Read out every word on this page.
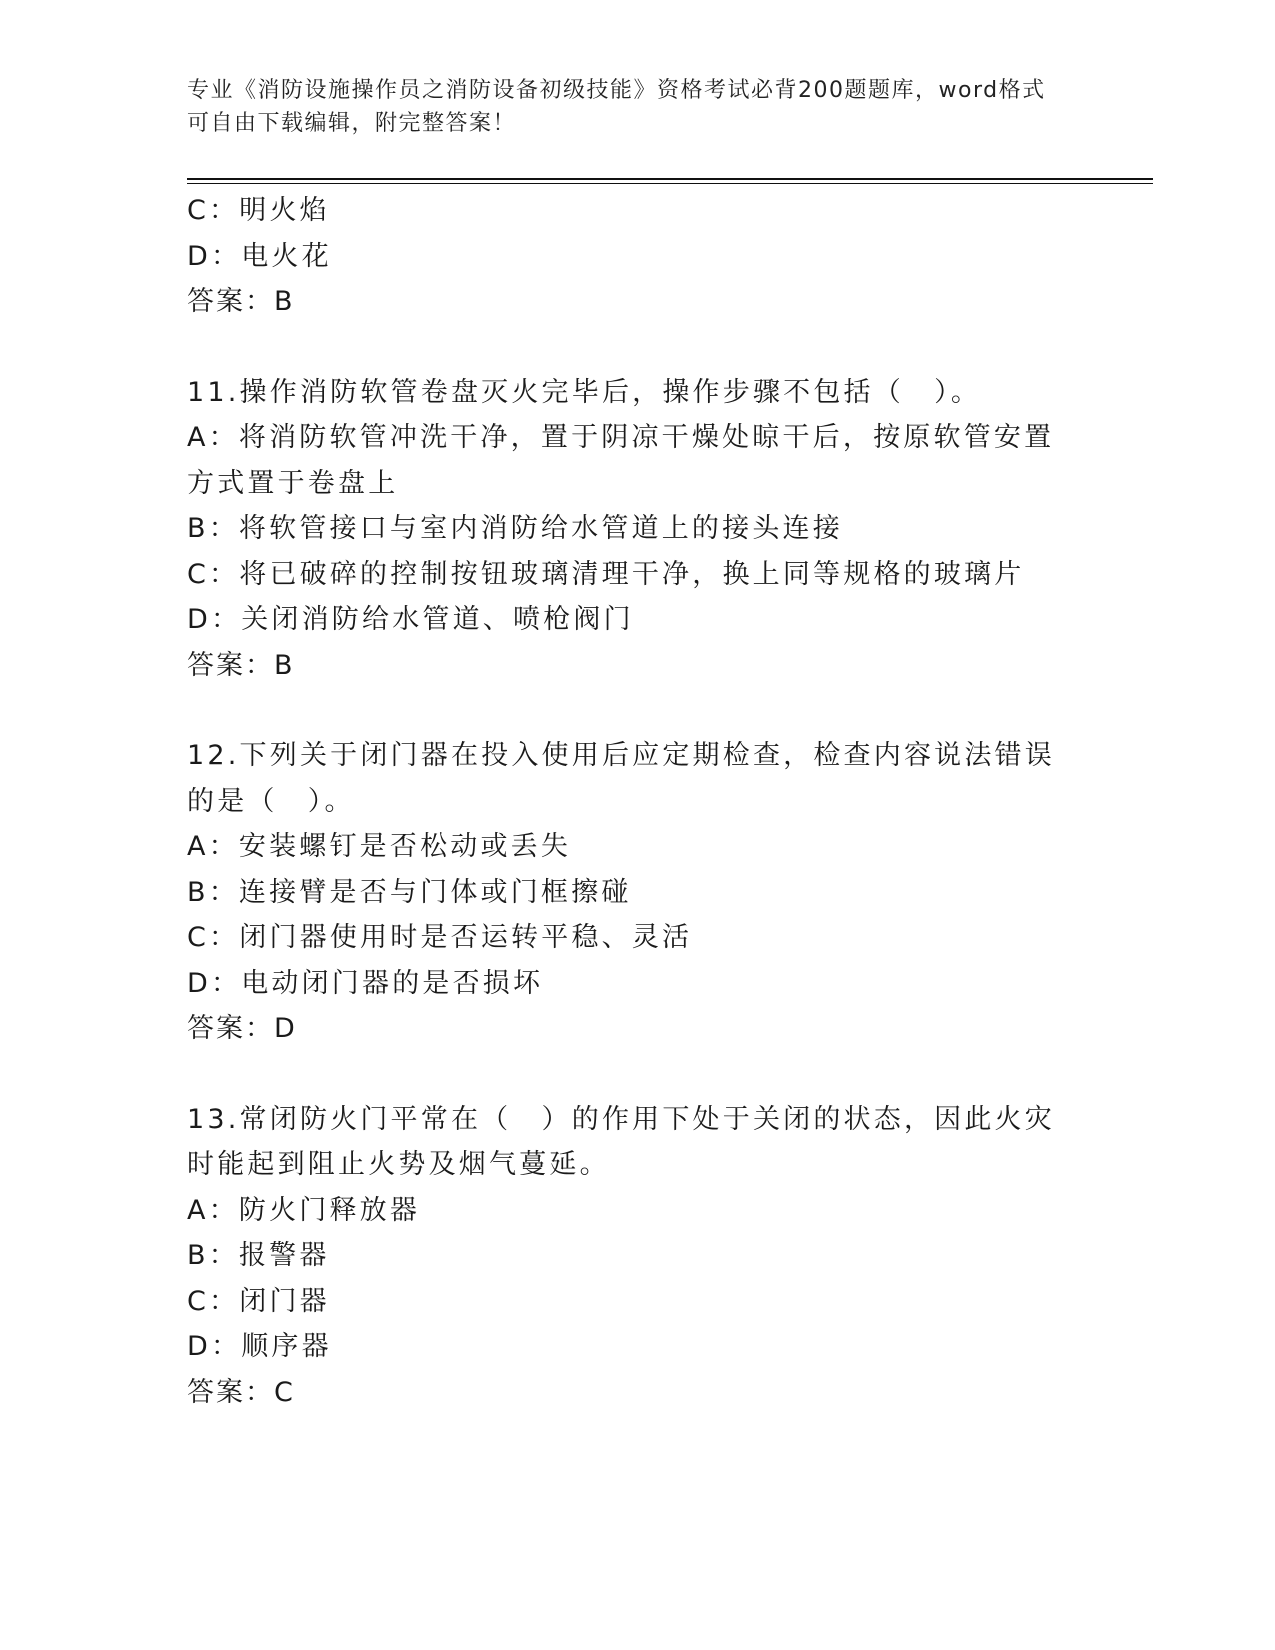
专业《消防设施操作员之消防设备初级技能》资格考试必背200题题库，word格式可自由下载编辑，附完整答案！
C：明火焰
D：电火花
答案：B
11.操作消防软管卷盘灭火完毕后，操作步骤不包括（　）。
A：将消防软管冲洗干净，置于阴凉干燥处晾干后，按原软管安置方式置于卷盘上
B：将软管接口与室内消防给水管道上的接头连接
C：将已破碎的控制按钮玻璃清理干净，换上同等规格的玻璃片
D：关闭消防给水管道、喷枪阀门
答案：B
12.下列关于闭门器在投入使用后应定期检查，检查内容说法错误的是（　）。
A：安装螺钉是否松动或丢失
B：连接臂是否与门体或门框擦碰
C：闭门器使用时是否运转平稳、灵活
D：电动闭门器的是否损坏
答案：D
13.常闭防火门平常在（　）的作用下处于关闭的状态，因此火灾时能起到阻止火势及烟气蔓延。
A：防火门释放器
B：报警器
C：闭门器
D：顺序器
答案：C
